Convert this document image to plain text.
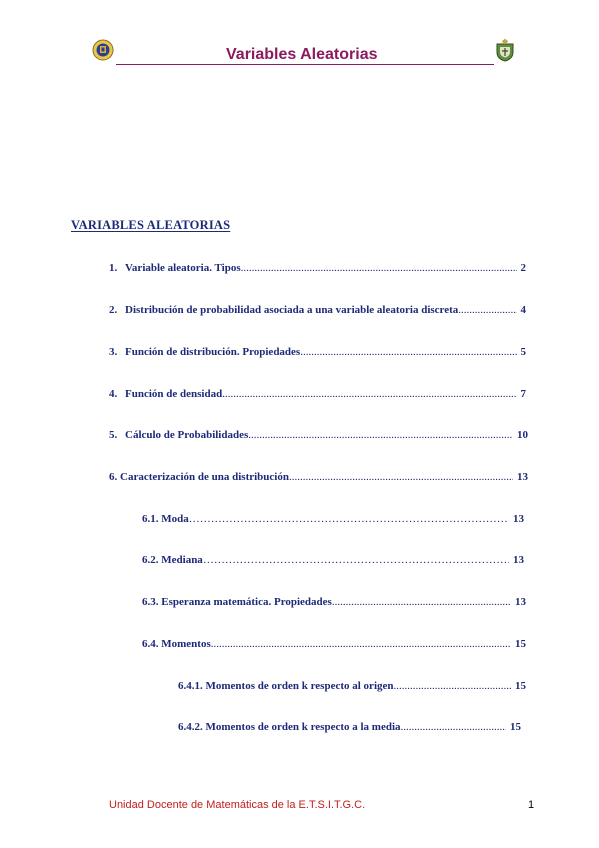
Variables Aleatorias
VARIABLES ALEATORIAS
1. Variable aleatoria. Tipos .....	2
2. Distribución de probabilidad asociada a una variable aleatoria discreta .....	4
3. Función de distribución. Propiedades .....	5
4. Función de densidad .....	7
5. Cálculo de Probabilidades .....	10
6. Caracterización de una distribución .....	13
6.1. Moda …………………………………………………………………………………………………………………………………………………………………………	13
6.2. Mediana …………………………………………………………………………………………………………………………………………………………………………	13
6.3. Esperanza matemática. Propiedades .....	13
6.4. Momentos .....	15
6.4.1. Momentos de orden k respecto al origen .....	15
6.4.2. Momentos de orden k respecto a la media .....	15
Unidad Docente de Matemáticas de la E.T.S.I.T.G.C.	1
